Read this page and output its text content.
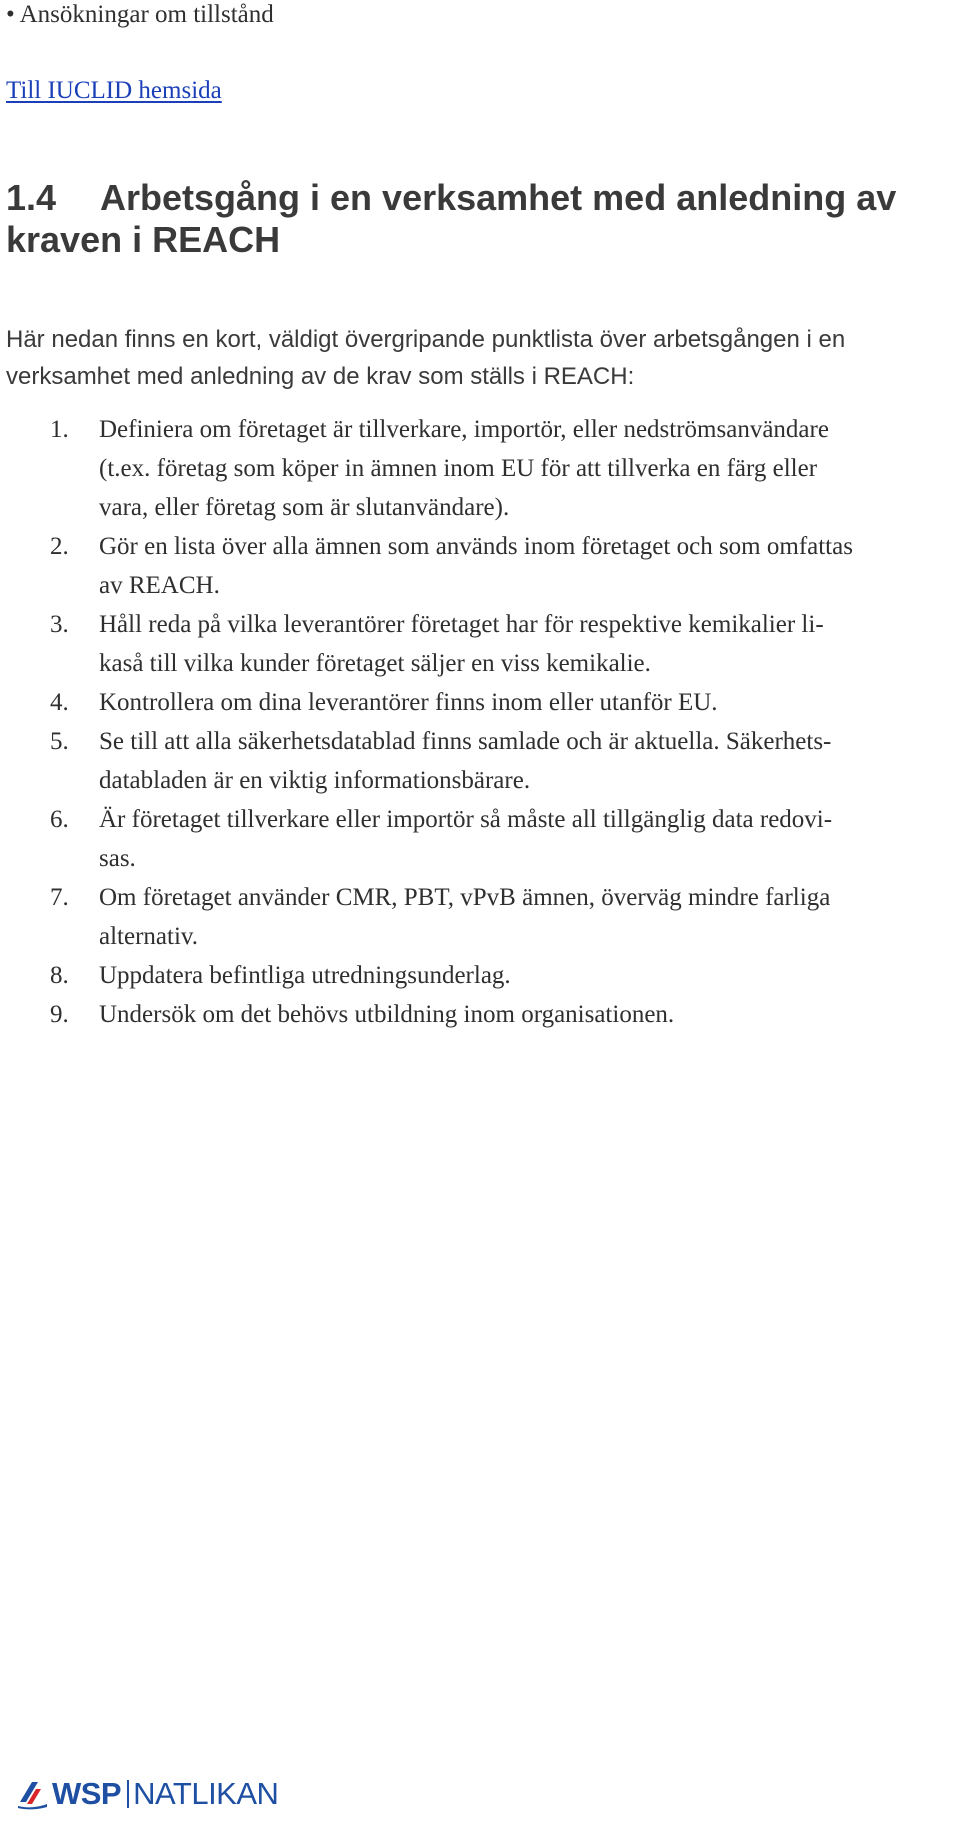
• Ansökningar om tillstånd
Till IUCLID hemsida
1.4 Arbetsgång i en verksamhet med anledning av
kraven i REACH

Här nedan finns en kort, väldigt övergripande punktlista över arbetsgången i en verksamhet med anledning av de krav som ställs i REACH:

1.	Definiera om företaget är tillverkare, importör, eller nedströmsanvändare
(t.ex. företag som köper in ämnen inom EU för att tillverka en färg eller
vara, eller företag som är slutanvändare).
2.	Gör en lista över alla ämnen som används inom företaget och som omfattas
av REACH.
3.	Håll reda på vilka leverantörer företaget har för respektive kemikalier li-
kaså till vilka kunder företaget säljer en viss kemikalie.
4.	Kontrollera om dina leverantörer finns inom eller utanför EU.
5.	Se till att alla säkerhetsdatablad finns samlade och är aktuella. Säkerhets-
databladen är en viktig informationsbärare.
6.	Är företaget tillverkare eller importör så måste all tillgänglig data redovi-
sas.
7.	Om företaget använder CMR, PBT, vPvB ämnen, överväg mindre farliga
alternativ.
8.	Uppdatera befintliga utredningsunderlag.
9.	Undersök om det behövs utbildning inom organisationen.
WSP NATLIKAN
